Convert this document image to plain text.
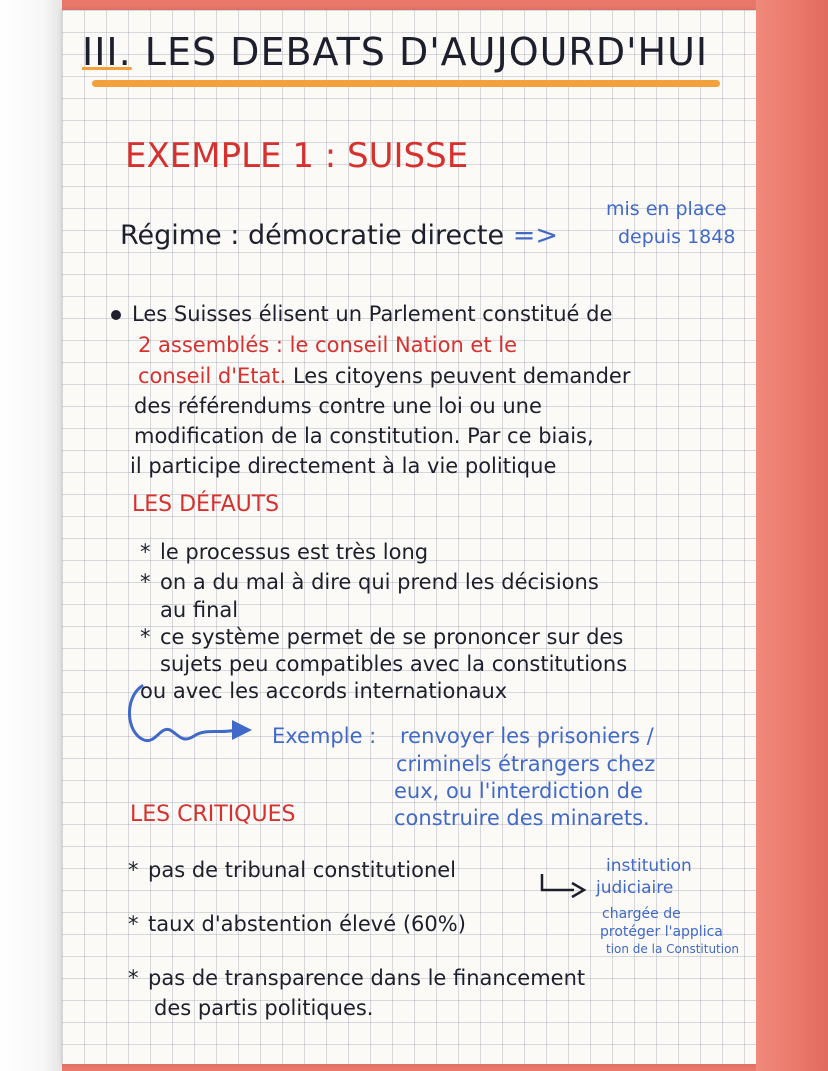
III. LES DEBATS D'AUJOURD'HUI
EXEMPLE 1 : SUISSE
Régime : démocratie directe =>
mis en place
depuis 1848
Les Suisses élisent un Parlement constitué de
2 assemblés : le conseil Nation et le
conseil d'Etat. Les citoyens peuvent demander
des référendums contre une loi ou une
modification de la constitution. Par ce biais,
il participe directement à la vie politique
LES DÉFAUTS
* le processus est très long
* on a du mal à dire qui prend les décisions
au final
* ce système permet de se prononcer sur des
sujets peu compatibles avec la constitutions
ou avec les accords internationaux
Exemple : renvoyer les prisoniers /
criminels étrangers chez
eux, ou l'interdiction de
construire des minarets.
LES CRITIQUES
* pas de tribunal constitutionel	institution
judiciaire
* taux d'abstention élevé (60%)	chargée de
protéger l'applica
tion de la Constitution
* pas de transparence dans le financement
des partis politiques.
